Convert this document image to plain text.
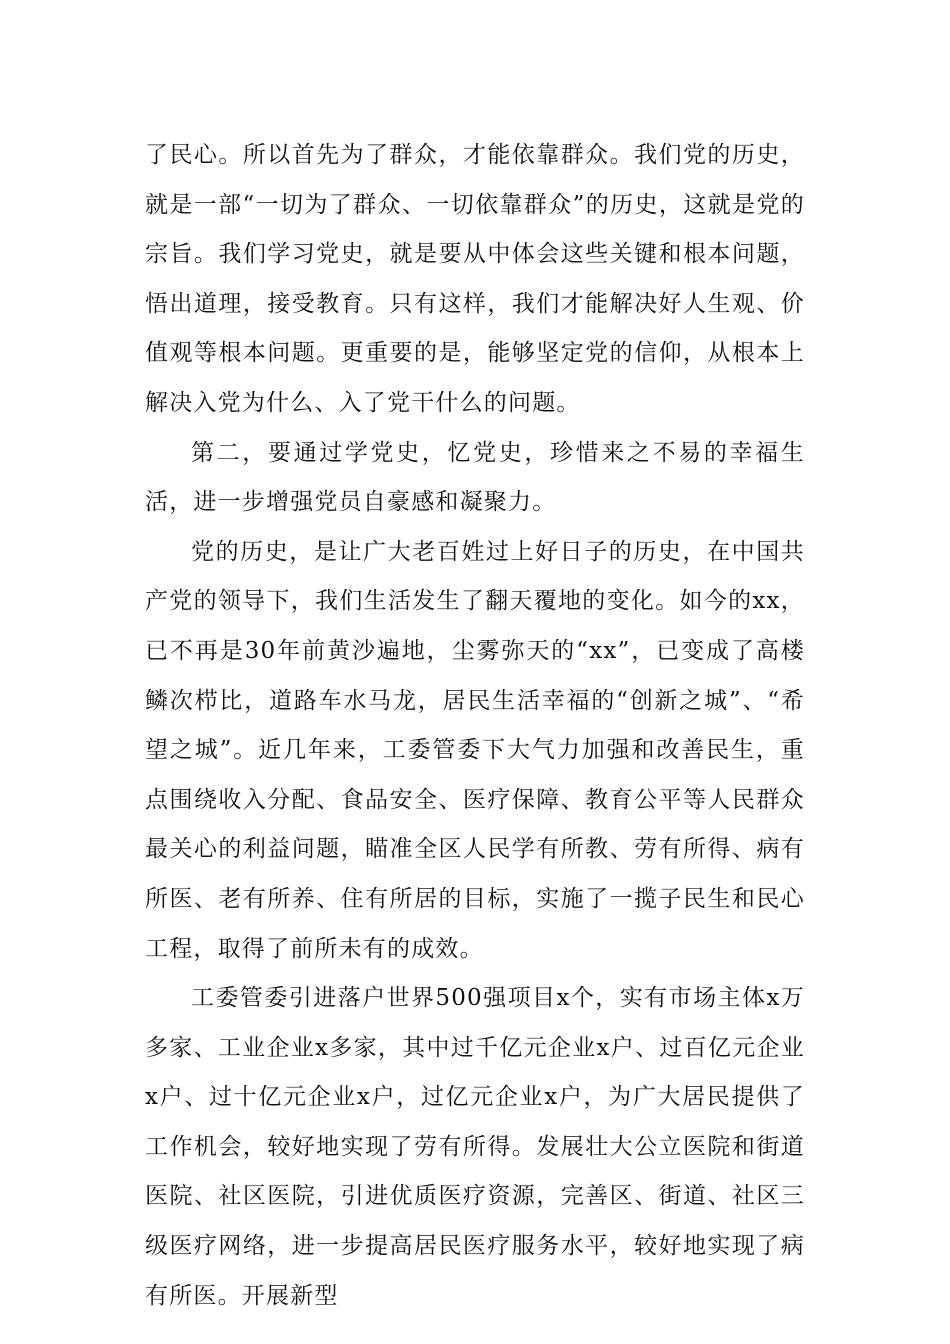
了民心。所以首先为了群众，才能依靠群众。我们党的历史，就是一部“一切为了群众、一切依靠群众”的历史，这就是党的宗旨。我们学习党史，就是要从中体会这些关键和根本问题，悟出道理，接受教育。只有这样，我们才能解决好人生观、价值观等根本问题。更重要的是，能够坚定党的信仰，从根本上解决入党为什么、入了党干什么的问题。

第二，要通过学党史，忆党史，珍惜来之不易的幸福生活，进一步增强党员自豪感和凝聚力。

党的历史，是让广大老百姓过上好日子的历史，在中国共产党的领导下，我们生活发生了翻天覆地的变化。如今的xx，已不再是30年前黄沙遍地，尘雾弥天的“xx”，已变成了高楼鳞次栉比，道路车水马龙，居民生活幸福的“创新之城”、“希望之城”。近几年来，工委管委下大气力加强和改善民生，重点围绕收入分配、食品安全、医疗保障、教育公平等人民群众最关心的利益问题，瞄准全区人民学有所教、劳有所得、病有所医、老有所养、住有所居的目标，实施了一揽子民生和民心工程，取得了前所未有的成效。

工委管委引进落户世界500强项目x个，实有市场主体x万多家、工业企业x多家，其中过千亿元企业x户、过百亿元企业x户、过十亿元企业x户，过亿元企业x户，为广大居民提供了工作机会，较好地实现了劳有所得。发展壮大公立医院和街道医院、社区医院，引进优质医疗资源，完善区、街道、社区三级医疗网络，进一步提高居民医疗服务水平，较好地实现了病有所医。开展新型
